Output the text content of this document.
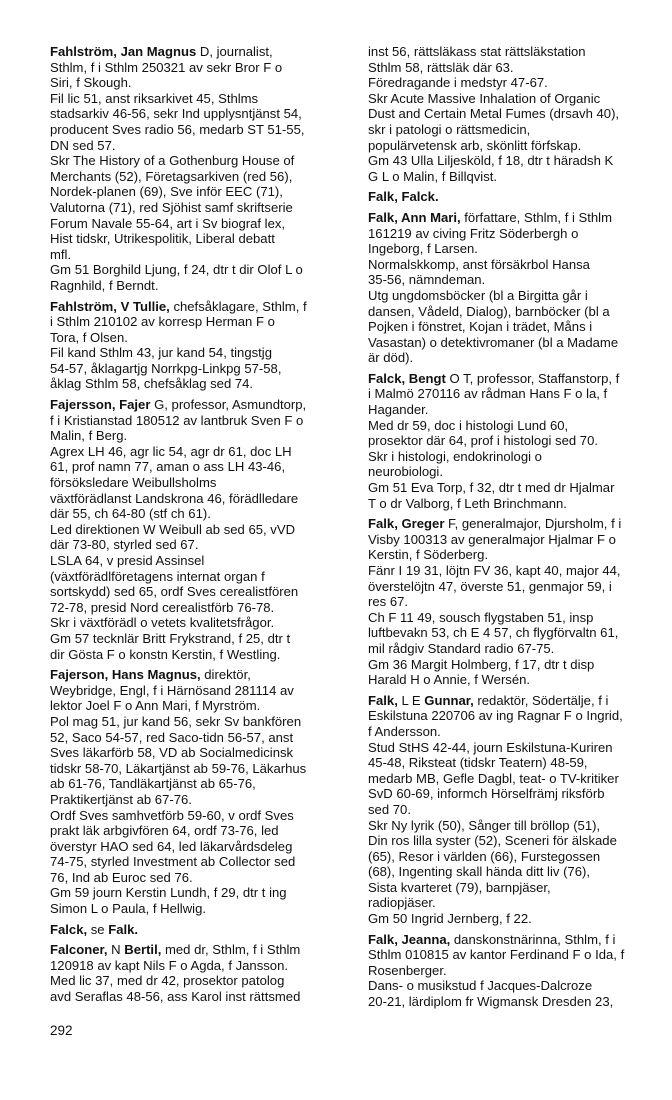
Fahlström, Jan Magnus D, journalist,
Sthlm, f i Sthlm 250321 av sekr Bror F o
Siri, f Skough.
Fil lic 51, anst riksarkivet 45, Sthlms
stadsarkiv 46-56, sekr Ind upplysntjänst 54,
producent Sves radio 56, medarb ST 51-55,
DN sed 57.
Skr The History of a Gothenburg House of
Merchants (52), Företagsarkiven (red 56),
Nordek-planen (69), Sve inför EEC (71),
Valutorna (71), red Sjöhist samf skriftserie
Forum Navale 55-64, art i Sv biograf lex,
Hist tidskr, Utrikespolitik, Liberal debatt
mfl.
Gm 51 Borghild Ljung, f 24, dtr t dir Olof L o
Ragnhild, f Berndt.
Fahlström, V Tullie, chefsåklagare, Sthlm, f
i Sthlm 210102 av korresp Herman F o
Tora, f Olsen.
Fil kand Sthlm 43, jur kand 54, tingstjg
54-57, åklagartjg Norrkpg-Linkpg 57-58,
åklag Sthlm 58, chefsåklag sed 74.
Fajersson, Fajer G, professor, Asmundtorp,
f i Kristianstad 180512 av lantbruk Sven F o
Malin, f Berg.
Agrex LH 46, agr lic 54, agr dr 61, doc LH
61, prof namn 77, aman o ass LH 43-46,
försöksledare Weibullsholms
växtförädlanst Landskrona 46, förädlledare
där 55, ch 64-80 (stf ch 61).
Led direktionen W Weibull ab sed 65, vVD
där 73-80, styrled sed 67.
LSLA 64, v presid Assinsel
(växtförädlföretagens internat organ f
sortskydd) sed 65, ordf Sves cerealistfören
72-78, presid Nord cerealistförb 76-78.
Skr i växtförädl o vetets kvalitetsfrågor.
Gm 57 tecknlär Britt Frykstrand, f 25, dtr t
dir Gösta F o konstn Kerstin, f Westling.
Fajerson, Hans Magnus, direktör,
Weybridge, Engl, f i Härnösand 281114 av
lektor Joel F o Ann Mari, f Myrström.
Pol mag 51, jur kand 56, sekr Sv bankfören
52, Saco 54-57, red Saco-tidn 56-57, anst
Sves läkarförb 58, VD ab Socialmedicinsk
tidskr 58-70, Läkartjänst ab 59-76, Läkarhus
ab 61-76, Tandläkartjänst ab 65-76,
Praktikertjänst ab 67-76.
Ordf Sves samhvetförb 59-60, v ordf Sves
prakt läk arbgivfören 64, ordf 73-76, led
överstyr HAO sed 64, led läkarvårdsdeleg
74-75, styrled Investment ab Collector sed
76, Ind ab Euroc sed 76.
Gm 59 journ Kerstin Lundh, f 29, dtr t ing
Simon L o Paula, f Hellwig.
Falck, se Falk.
Falconer, N Bertil, med dr, Sthlm, f i Sthlm
120918 av kapt Nils F o Agda, f Jansson.
Med lic 37, med dr 42, prosektor patolog
avd Seraflas 48-56, ass Karol inst rättsmed
inst 56, rättsläkass stat rättsläkstation
Sthlm 58, rättsläk där 63.
Föredragande i medstyr 47-67.
Skr Acute Massive Inhalation of Organic
Dust and Certain Metal Fumes (drsavh 40),
skr i patologi o rättsmedicin,
populärvetensk arb, skönlitt förfskap.
Gm 43 Ulla Liljesköld, f 18, dtr t häradsh K
G L o Malin, f Billqvist.
Falk, Falck.
Falk, Ann Mari, författare, Sthlm, f i Sthlm
161219 av civing Fritz Söderbergh o
Ingeborg, f Larsen.
Normalskkomp, anst försäkrbol Hansa
35-56, nämndeman.
Utg ungdomsböcker (bl a Birgitta går i
dansen, Vådeld, Dialog), barnböcker (bl a
Pojken i fönstret, Kojan i trädet, Måns i
Vasastan) o detektivromaner (bl a Madame
är död).
Falck, Bengt O T, professor, Staffanstorp, f
i Malmö 270116 av rådman Hans F o la, f
Hagander.
Med dr 59, doc i histologi Lund 60,
prosektor där 64, prof i histologi sed 70.
Skr i histologi, endokrinologi o
neurobiologi.
Gm 51 Eva Torp, f 32, dtr t med dr Hjalmar
T o dr Valborg, f Leth Brinchmann.
Falk, Greger F, generalmajor, Djursholm, f i
Visby 100313 av generalmajor Hjalmar F o
Kerstin, f Söderberg.
Fänr I 19 31, löjtn FV 36, kapt 40, major 44,
överstelöjtn 47, överste 51, genmajor 59, i
res 67.
Ch F 11 49, sousch flygstaben 51, insp
luftbevakn 53, ch E 4 57, ch flygförvaltn 61,
mil rådgiv Standard radio 67-75.
Gm 36 Margit Holmberg, f 17, dtr t disp
Harald H o Annie, f Wersén.
Falk, L E Gunnar, redaktör, Södertälje, f i
Eskilstuna 220706 av ing Ragnar F o Ingrid,
f Andersson.
Stud StHS 42-44, journ Eskilstuna-Kuriren
45-48, Riksteat (tidskr Teatern) 48-59,
medarb MB, Gefle Dagbl, teat- o TV-kritiker
SvD 60-69, informch Hörselfrämj riksförb
sed 70.
Skr Ny lyrik (50), Sånger till bröllop (51),
Din ros lilla syster (52), Sceneri för älskade
(65), Resor i världen (66), Furstegossen
(68), Ingenting skall hända ditt liv (76),
Sista kvarteret (79), barnpjäser,
radiopjäser.
Gm 50 Ingrid Jernberg, f 22.
Falk, Jeanna, danskonstnärinna, Sthlm, f i
Sthlm 010815 av kantor Ferdinand F o Ida, f
Rosenberger.
Dans- o musikstud f Jacques-Dalcroze
20-21, lärdiplom fr Wigmansk Dresden 23,
292
